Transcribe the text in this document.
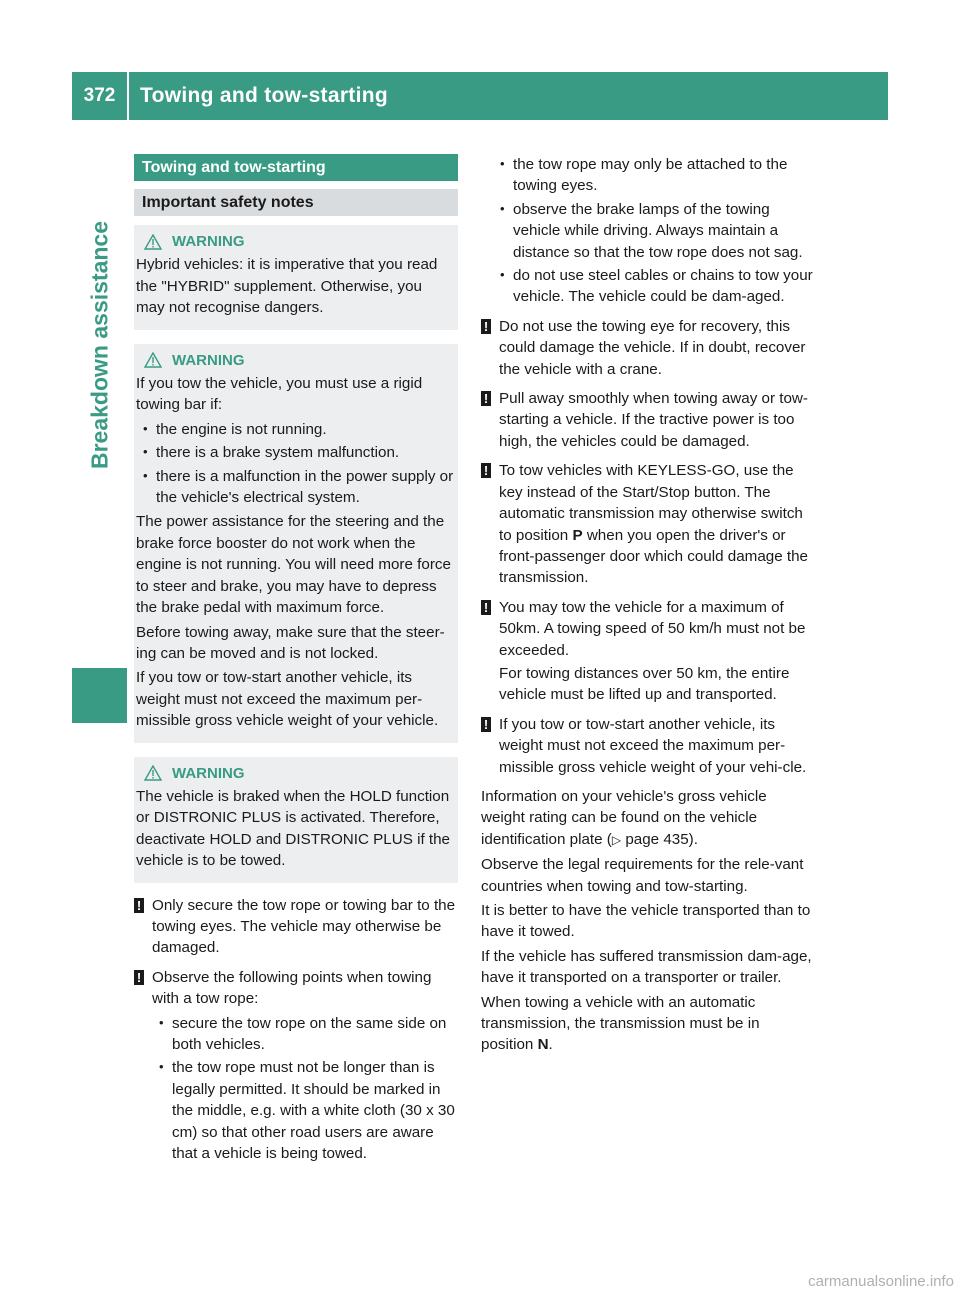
372	Towing and tow-starting
Breakdown assistance
Towing and tow-starting
Important safety notes
WARNING

Hybrid vehicles: it is imperative that you read the "HYBRID" supplement. Otherwise, you may not recognise dangers.

WARNING

If you tow the vehicle, you must use a rigid towing bar if:

• the engine is not running.
• there is a brake system malfunction.
• there is a malfunction in the power supply or the vehicle's electrical system.

The power assistance for the steering and the brake force booster do not work when the engine is not running. You will need more force to steer and brake, you may have to depress the brake pedal with maximum force.

Before towing away, make sure that the steer-ing can be moved and is not locked.

If you tow or tow-start another vehicle, its weight must not exceed the maximum per-missible gross vehicle weight of your vehicle.

WARNING

The vehicle is braked when the HOLD function or DISTRONIC PLUS is activated. Therefore, deactivate HOLD and DISTRONIC PLUS if the vehicle is to be towed.

! Only secure the tow rope or towing bar to the towing eyes. The vehicle may otherwise be damaged.
! Observe the following points when towing with a tow rope:
• secure the tow rope on the same side on both vehicles.
• the tow rope must not be longer than is legally permitted. It should be marked in the middle, e.g. with a white cloth (30 x 30 cm) so that other road users are aware that a vehicle is being towed.
• the tow rope may only be attached to the towing eyes.
• observe the brake lamps of the towing vehicle while driving. Always maintain a distance so that the tow rope does not sag.
• do not use steel cables or chains to tow your vehicle. The vehicle could be dam-aged.
! Do not use the towing eye for recovery, this could damage the vehicle. If in doubt, recover the vehicle with a crane.
! Pull away smoothly when towing away or tow-starting a vehicle. If the tractive power is too high, the vehicles could be damaged.
! To tow vehicles with KEYLESS-GO, use the key instead of the Start/Stop button. The automatic transmission may otherwise switch to position P when you open the driver's or front-passenger door which could damage the transmission.
! You may tow the vehicle for a maximum of 50km. A towing speed of 50 km/h must not be exceeded.
For towing distances over 50 km, the entire vehicle must be lifted up and transported.
! If you tow or tow-start another vehicle, its weight must not exceed the maximum per-missible gross vehicle weight of your vehi-cle.

Information on your vehicle's gross vehicle weight rating can be found on the vehicle identification plate (▷ page 435).

Observe the legal requirements for the rele-vant countries when towing and tow-starting.

It is better to have the vehicle transported than to have it towed.

If the vehicle has suffered transmission dam-age, have it transported on a transporter or trailer.

When towing a vehicle with an automatic transmission, the transmission must be in position N.

carmanualsonline.info
